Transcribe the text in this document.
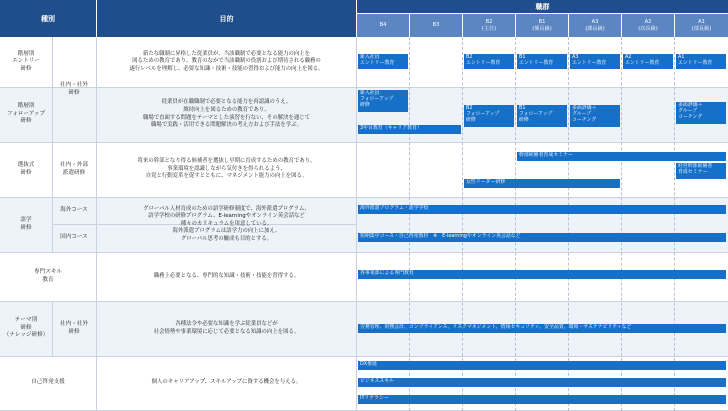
種別	目的
職群
B4	B3
B2
(主任)
B1
(係長級)
A3
(課長級)
A2
(次長級)
A1
(部長級)
階層別
エントリー
研修
階層別
フォローアップ
研修
社内・社外
研修
選抜式
研修
社内・外部
派遣研修
語学
研修
海外コース
国内コース
専門スキル
教育
テーマ別
研修
（ナレッジ研修）
社内・社外
研修
自己啓発支援
新たな職制に昇格した従業員が、当該職制で必要となる能力の向上を
図るための教育であり、教育のなかで当該職制の役割および期待される職務の
遂行レベルを理解し、必要な知識・技術・技能の習得および能力の向上を図る。
従業員が在職職制で必要となる能力を再認識のうえ、
維持向上を図るための教育であり、
職場で直面する問題をテーマとした演習を行ない、その解決を通じて
職場で実践・活用できる問題解決の考え方および手法を学ぶ。
将来の幹部となり得る候補者を選抜し早期に育成するための教育であり、
事業環境を認識しながら気付きを得られるよう、
自覚と行動変革を促すとともに、マネジメント能力の向上を図る。
グローバル人材育成のための語学研修制度で、海外派遣プログラム、
語学学校の研修プログラム、E-learningやオンライン英会話など
種々のカリキュラムを用意している。
海外派遣プログラムは語学力の向上に加え、
グローバル思考の醸成も目的とする。
職務上必要となる、専門的な知識・技術・技能を習得する。
各種法令や必要な知識を学ぶ従業員などが
社会情勢や事業環境に応じて必要となる知識の向上を図る。
個人のキャリアアップ、スキルアップに資する機会を与える。
新入社員
エントリー教育
B2
エントリー教育
B1
エントリー教育
A3
エントリー教育
A2
エントリー教育
A1
エントリー教育
新入社員
フォローアップ
研修
3年目教育（キャリア教育）
B2
フォローアップ
研修
B1
フォローアップ
研修
多面評価＋
グループ
コーチング
多面評価＋
グループ
コーチング
幹部候補者育成セミナー
経営幹部候補者
育成セミナー
女性リーダー研修
海外派遣プログラム・語学学校
短期集中コース・自己啓発教材　※　E-learningやオンライン英会話など
各事業部による専門教育
労務管理、財務会計、コンプライアンス、リスクマネジメント、情報セキュリティ、安全品質、環境・サステナビリティなど
DX推進
ビジネススキル
ITリテラシー
